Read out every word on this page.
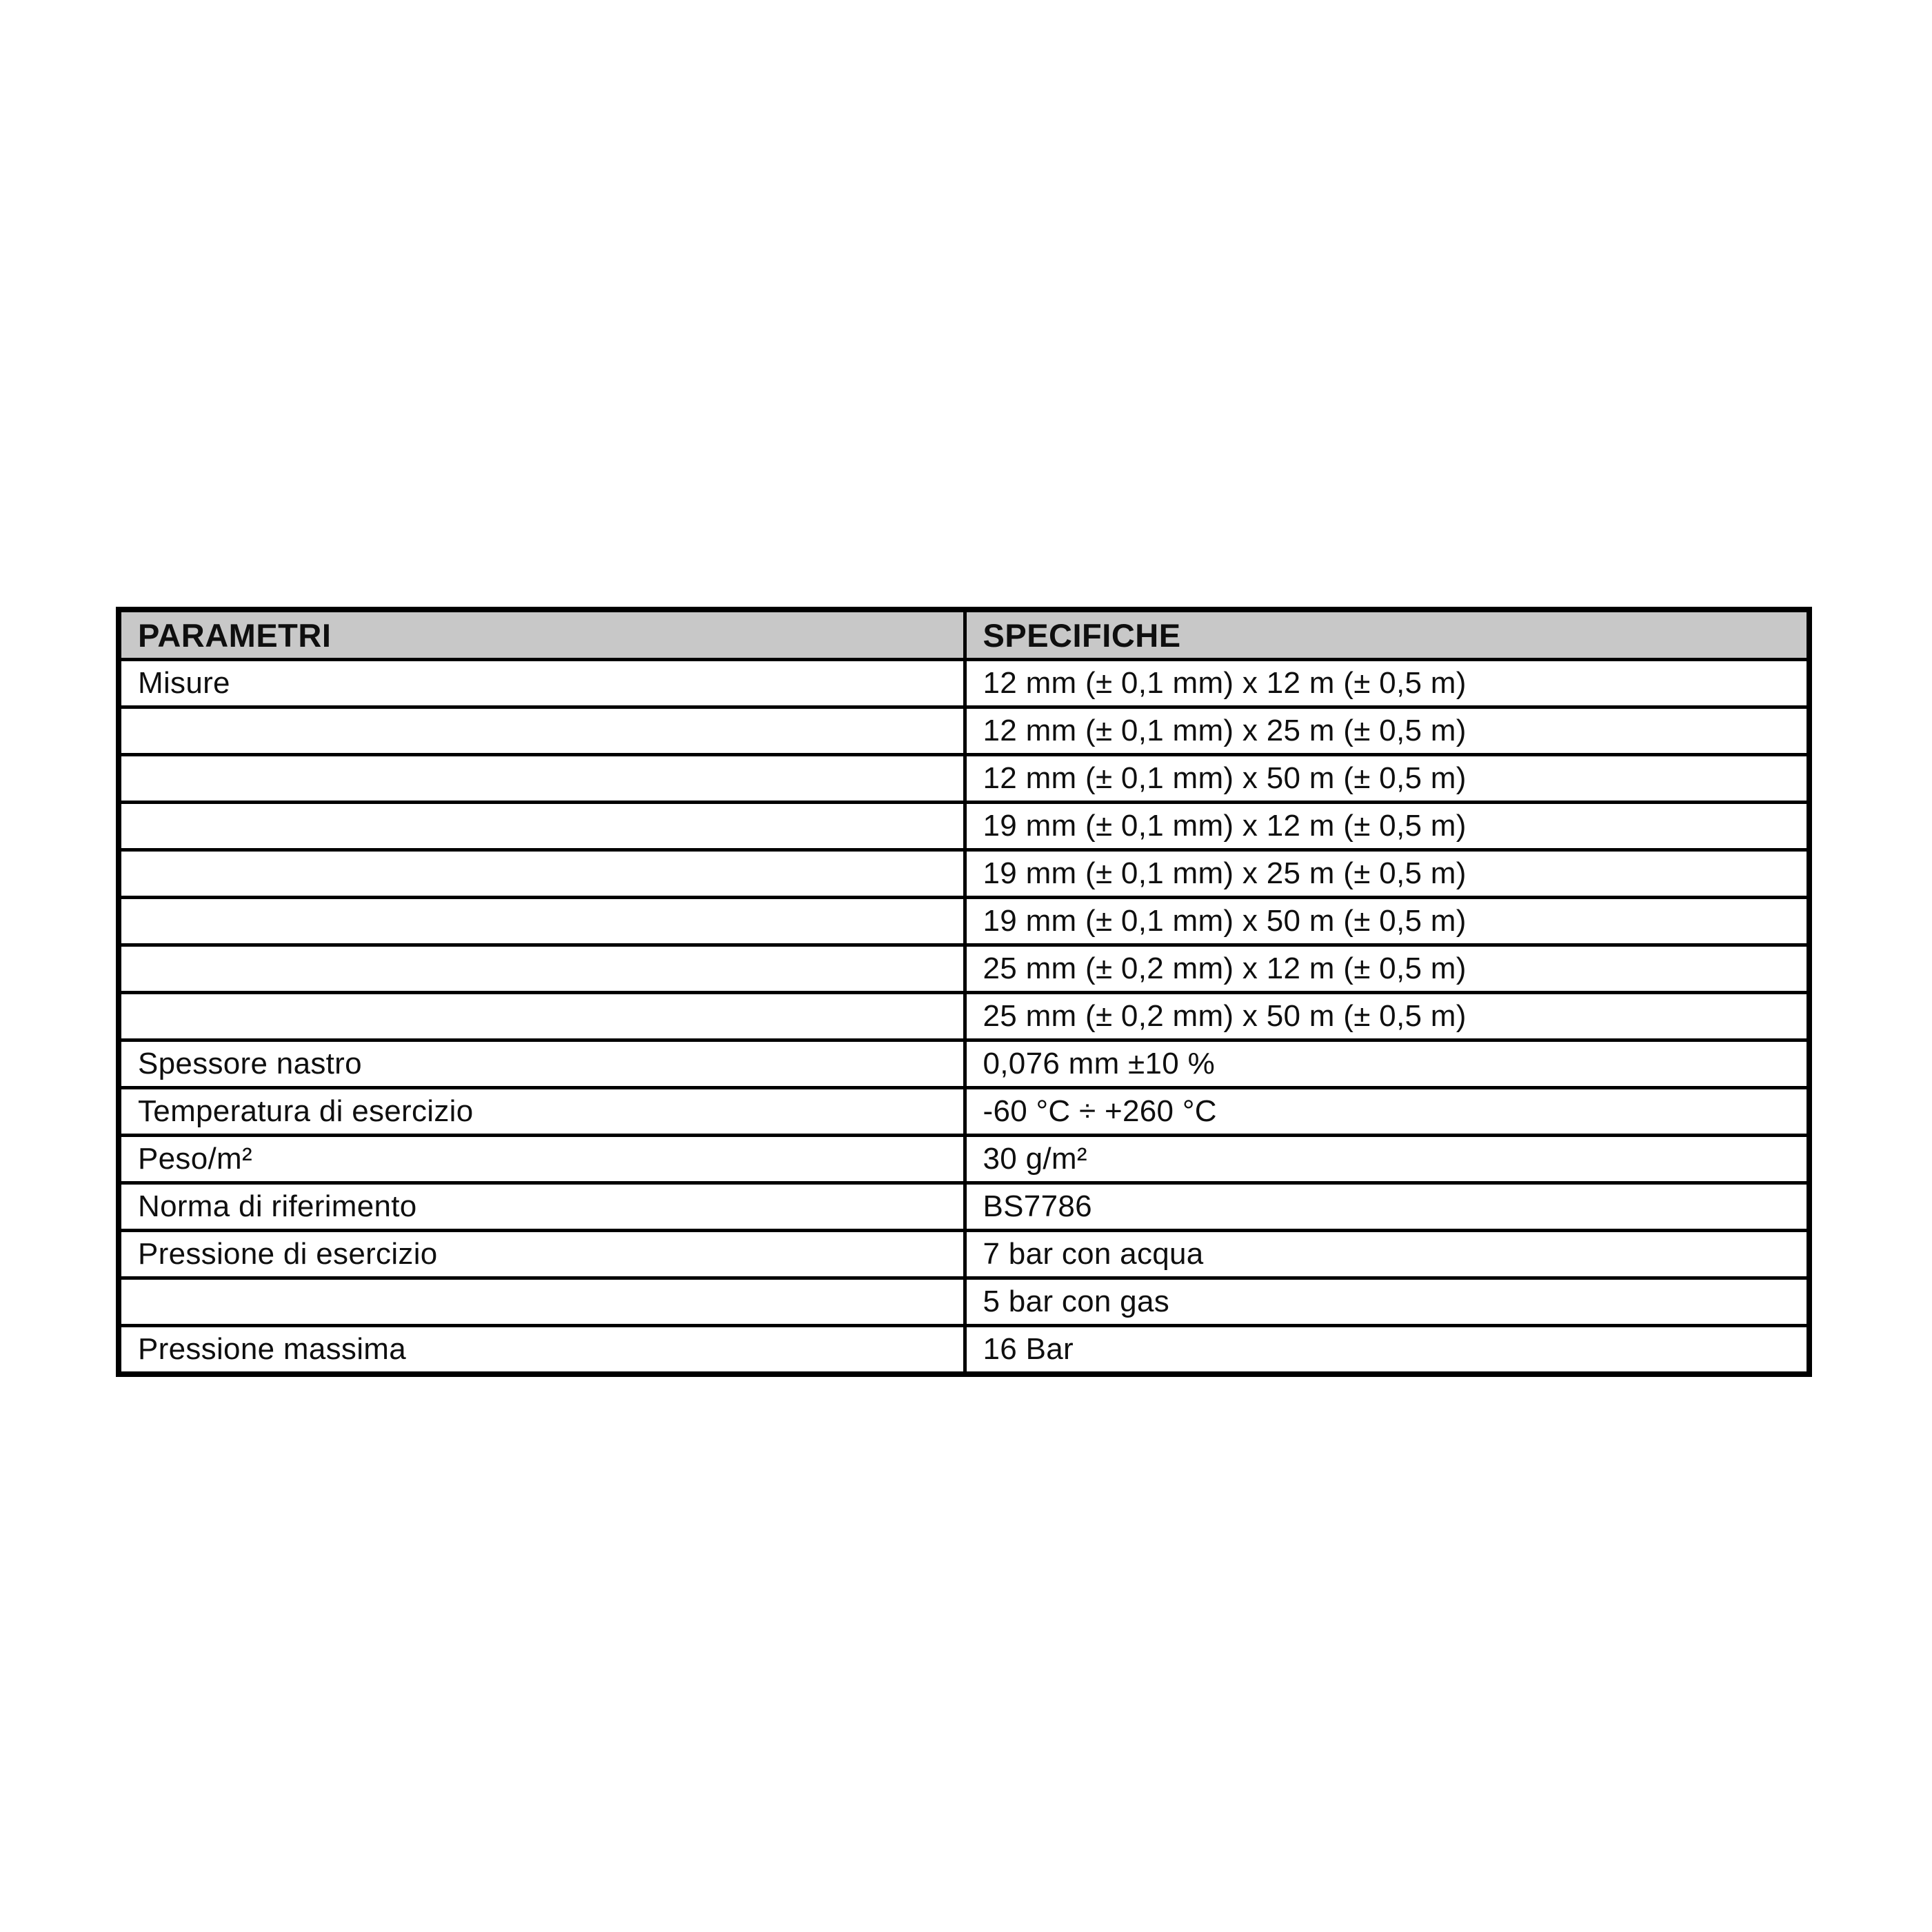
PARAMETRI	SPECIFICHE
Misure	12 mm (± 0,1 mm) x 12 m (± 0,5 m)
	12 mm (± 0,1 mm) x 25 m (± 0,5 m)
	12 mm (± 0,1 mm) x 50 m (± 0,5 m)
	19 mm (± 0,1 mm) x 12 m (± 0,5 m)
	19 mm (± 0,1 mm) x 25 m (± 0,5 m)
	19 mm (± 0,1 mm) x 50 m (± 0,5 m)
	25 mm (± 0,2 mm) x 12 m (± 0,5 m)
	25 mm (± 0,2 mm) x 50 m (± 0,5 m)
Spessore nastro	0,076 mm ±10 %
Temperatura di esercizio	-60 °C ÷ +260 °C
Peso/m²	30 g/m²
Norma di riferimento	BS7786
Pressione di esercizio	7 bar con acqua
	5 bar con gas
Pressione massima	16 Bar
